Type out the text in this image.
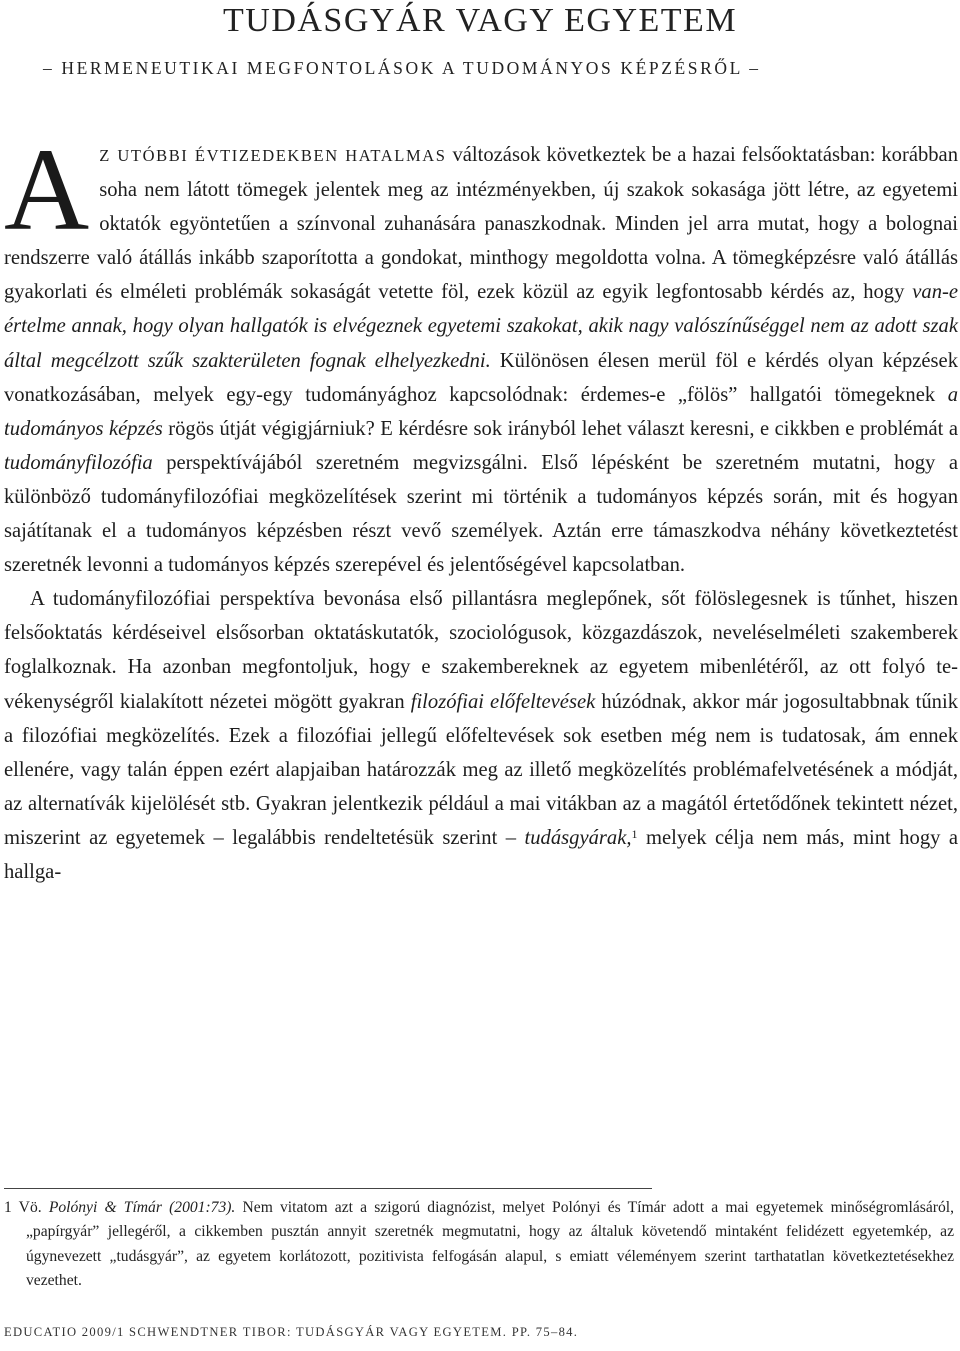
TUDÁSGYÁR VAGY EGYETEM
– HERMENEUTIKAI MEGFONTOLÁSOK A TUDOMÁNYOS KÉPZÉSRŐL –

AZ UTÓBBI ÉVTIZEDEKBEN HATALMAS változások következtek be a hazai felsőoktatásban: korábban soha nem látott tömegek jelentek meg az intézményekben, új szakok sokasága jött létre, az egyetemi oktatók egyöntetűen a színvonal zuhanására panaszkodnak. Minden jel arra mutat, hogy a bolognai rendszerre való átállás inkább szaporította a gondokat, minthogy megoldotta volna. A tömegképzésre való átállás gyakorlati és elméleti problémák sokaságát vetette föl, ezek közül az egyik legfontosabb kérdés az, hogy van-e értelme annak, hogy olyan hallgatók is elvégeznek egyetemi szakokat, akik nagy valószínűséggel nem az adott szak által megcélzott szűk szakterületen fognak elhelyezkedni. Különösen élesen merül föl e kérdés olyan képzések vonatkozásában, melyek egy-egy tudományághoz kapcsolódnak: érdemes-e „fölös” hallgatói tömegeknek a tudományos képzés rögös útját végigjárniuk? E kérdésre sok irányból lehet választ keresni, e cikkben e problémát a tudományfilozófia perspektívájából szeretném megvizsgálni. Első lépésként be szeretném mutatni, hogy a különböző tudományfilozófiai megközelítések szerint mi történik a tudományos képzés során, mit és hogyan sajátítanak el a tudományos képzésben részt vevő személyek. Aztán erre támaszkodva néhány következtetést szeretnék levonni a tudományos képzés szerepével és jelentőségével kapcsolatban.

A tudományfilozófiai perspektíva bevonása első pillantásra meglepőnek, sőt fölöslegesnek is tűnhet, hiszen felsőoktatás kérdéseivel elsősorban oktatáskutatók, szociológusok, közgazdászok, neveléselméleti szakemberek foglalkoznak. Ha azonban megfontoljuk, hogy e szakembereknek az egyetem mibenlétéről, az ott folyó tevékenységről kialakított nézetei mögött gyakran filozófiai előfeltevések húzódnak, akkor már jogosultabbnak tűnik a filozófiai megközelítés. Ezek a filozófiai jellegű előfeltevések sok esetben még nem is tudatosak, ám ennek ellenére, vagy talán éppen ezért alapjaiban határozzák meg az illető megközelítés problémafelvetésének a módját, az alternatívák kijelölését stb. Gyakran jelentkezik például a mai vitákban az a magától értetődőnek tekintett nézet, miszerint az egyetemek – legalábbis rendeltetésük szerint – tudásgyárak,$^1$ melyek célja nem más, mint hogy a hallga-

1 Vö. Polónyi & Tímár (2001:73). Nem vitatom azt a szigorú diagnózist, melyet Polónyi és Tímár adott a mai egyetemek minőségromlásáról, „papírgyár” jellegéről, a cikkemben pusztán annyit szeretnék megmutatni, hogy az általuk követendő mintaként felidézett egyetemkép, az úgynevezett „tudásgyár”, az egyetem korlátozott, pozitivista felfogásán alapul, s emiatt véleményem szerint tarthatatlan következtetésekhez vezethet.

EDUCATIO 2009/1 SCHWENDTNER TIBOR: TUDÁSGYÁR VAGY EGYETEM. PP. 75–84.
